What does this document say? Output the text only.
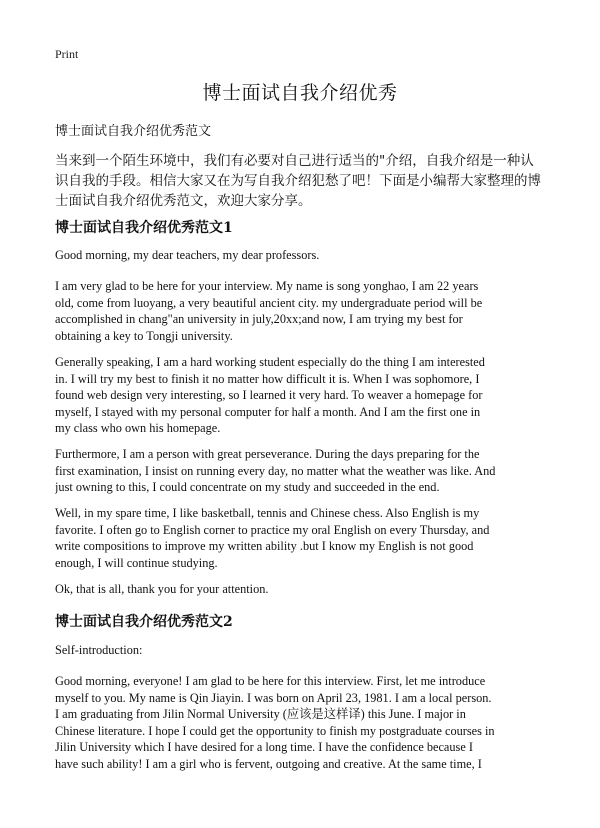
Print
博士面试自我介绍优秀
博士面试自我介绍优秀范文
当来到一个陌生环境中，我们有必要对自己进行适当的"介绍，自我介绍是一种认
识自我的手段。相信大家又在为写自我介绍犯愁了吧！下面是小编帮大家整理的博
士面试自我介绍优秀范文，欢迎大家分享。
博士面试自我介绍优秀范文1
Good morning, my dear teachers, my dear professors.
I am very glad to be here for your interview. My name is song yonghao, I am 22 years
old, come from luoyang, a very beautiful ancient city. my undergraduate period will be
accomplished in chang"an university in july,20xx;and now, I am trying my best for
obtaining a key to Tongji university.
Generally speaking, I am a hard working student especially do the thing I am interested
in. I will try my best to finish it no matter how difficult it is. When I was sophomore, I
found web design very interesting, so I learned it very hard. To weaver a homepage for
myself, I stayed with my personal computer for half a month. And I am the first one in
my class who own his homepage.
Furthermore, I am a person with great perseverance. During the days preparing for the
first examination, I insist on running every day, no matter what the weather was like. And
just owning to this, I could concentrate on my study and succeeded in the end.
Well, in my spare time, I like basketball, tennis and Chinese chess. Also English is my
favorite. I often go to English corner to practice my oral English on every Thursday, and
write compositions to improve my written ability .but I know my English is not good
enough, I will continue studying.
Ok, that is all, thank you for your attention.
博士面试自我介绍优秀范文2
Self-introduction:
Good morning, everyone! I am glad to be here for this interview. First, let me introduce
myself to you. My name is Qin Jiayin. I was born on April 23, 1981. I am a local person.
I am graduating from Jilin Normal University (应该是这样译) this June. I major in
Chinese literature. I hope I could get the opportunity to finish my postgraduate courses in
Jilin University which I have desired for a long time. I have the confidence because I
have such ability! I am a girl who is fervent, outgoing and creative. At the same time, I
